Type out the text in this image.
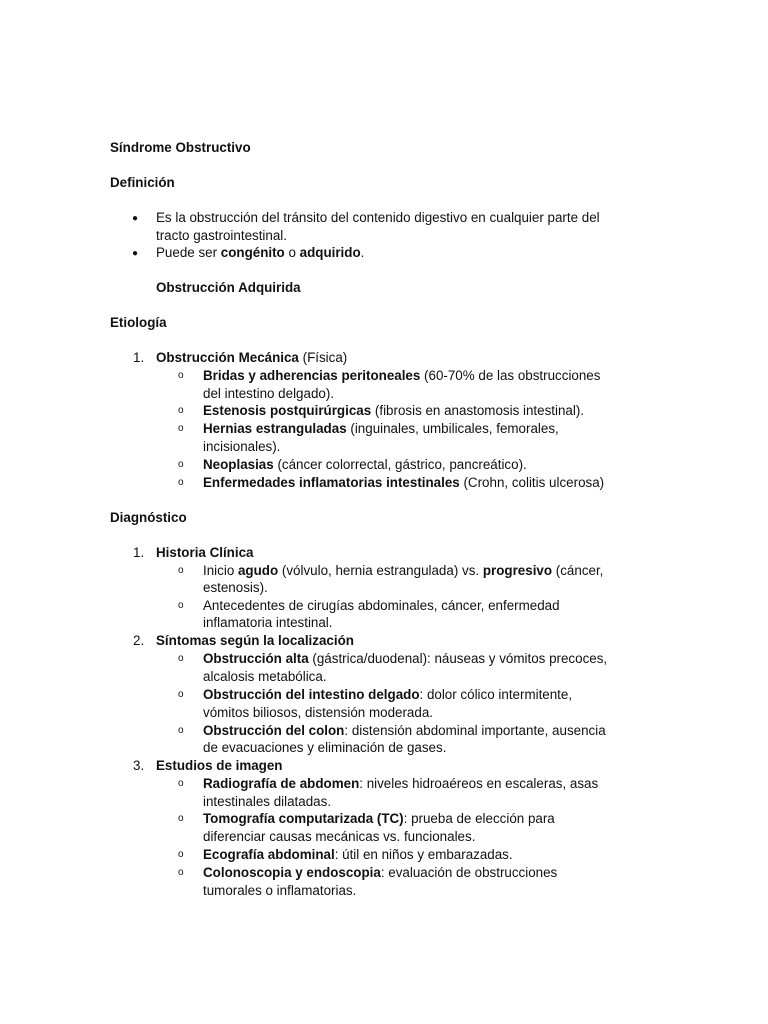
Síndrome Obstructivo
Definición
● Es la obstrucción del tránsito del contenido digestivo en cualquier parte del
tracto gastrointestinal.
● Puede ser congénito o adquirido.
Obstrucción Adquirida
Etiología
1. Obstrucción Mecánica (Física)
o Bridas y adherencias peritoneales (60-70% de las obstrucciones
del intestino delgado).
o Estenosis postquirúrgicas (fibrosis en anastomosis intestinal).
o Hernias estranguladas (inguinales, umbilicales, femorales,
incisionales).
o Neoplasias (cáncer colorrectal, gástrico, pancreático).
o Enfermedades inflamatorias intestinales (Crohn, colitis ulcerosa)
Diagnóstico
1. Historia Clínica
o Inicio agudo (vólvulo, hernia estrangulada) vs. progresivo (cáncer,
estenosis).
o Antecedentes de cirugías abdominales, cáncer, enfermedad
inflamatoria intestinal.
2. Síntomas según la localización
o Obstrucción alta (gástrica/duodenal): náuseas y vómitos precoces,
alcalosis metabólica.
o Obstrucción del intestino delgado: dolor cólico intermitente,
vómitos biliosos, distensión moderada.
o Obstrucción del colon: distensión abdominal importante, ausencia
de evacuaciones y eliminación de gases.
3. Estudios de imagen
o Radiografía de abdomen: niveles hidroaéreos en escaleras, asas
intestinales dilatadas.
o Tomografía computarizada (TC): prueba de elección para
diferenciar causas mecánicas vs. funcionales.
o Ecografía abdominal: útil en niños y embarazadas.
o Colonoscopia y endoscopia: evaluación de obstrucciones
tumorales o inflamatorias.
